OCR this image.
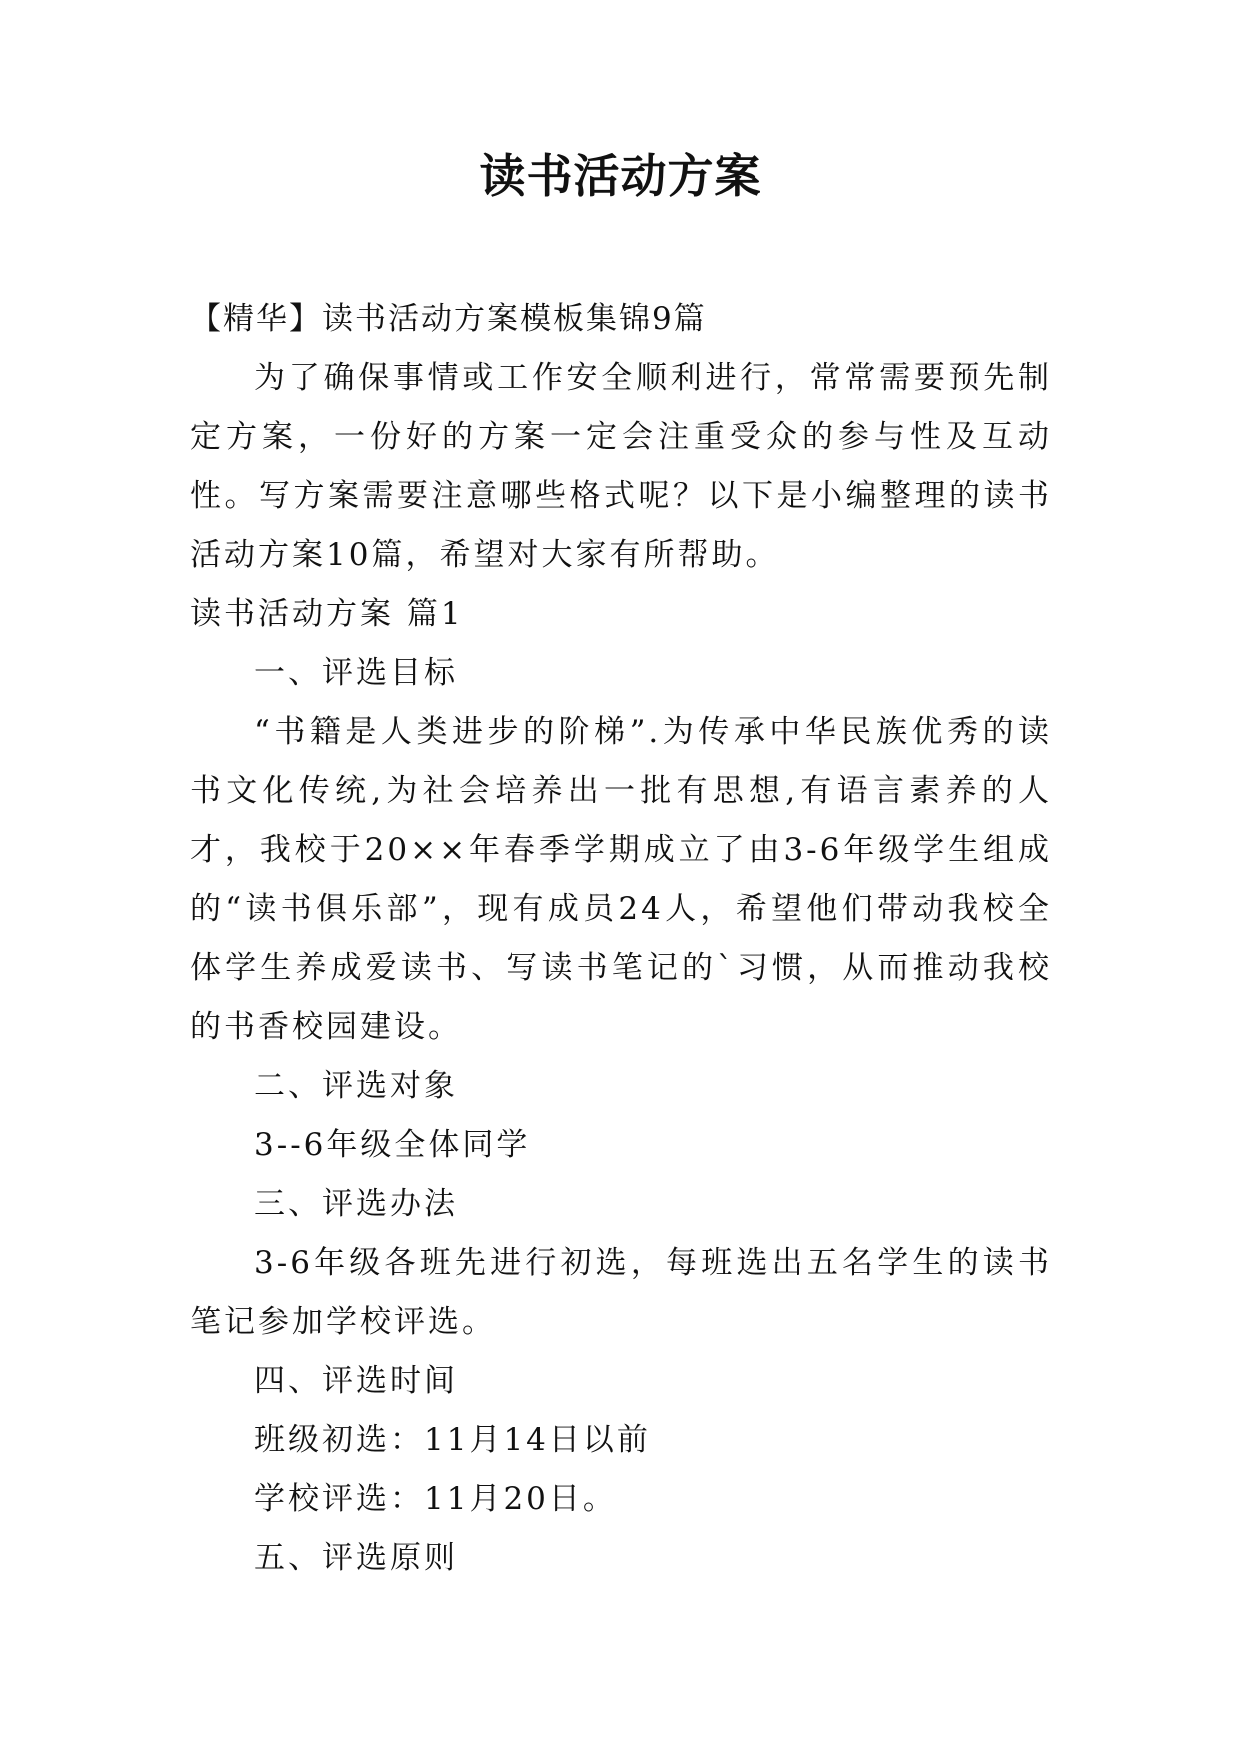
读书活动方案

【精华】读书活动方案模板集锦9篇

为了确保事情或工作安全顺利进行，常常需要预先制定方案，一份好的方案一定会注重受众的参与性及互动性。写方案需要注意哪些格式呢？以下是小编整理的读书活动方案10篇，希望对大家有所帮助。

读书活动方案 篇1

一、评选目标

“书籍是人类进步的阶梯”.为传承中华民族优秀的读书文化传统,为社会培养出一批有思想,有语言素养的人才，我校于20××年春季学期成立了由3-6年级学生组成的“读书俱乐部”，现有成员24人，希望他们带动我校全体学生养成爱读书、写读书笔记的`习惯，从而推动我校的书香校园建设。

二、评选对象

3--6年级全体同学

三、评选办法

3-6年级各班先进行初选，每班选出五名学生的读书笔记参加学校评选。

四、评选时间

班级初选：11月14日以前

学校评选：11月20日。

五、评选原则
